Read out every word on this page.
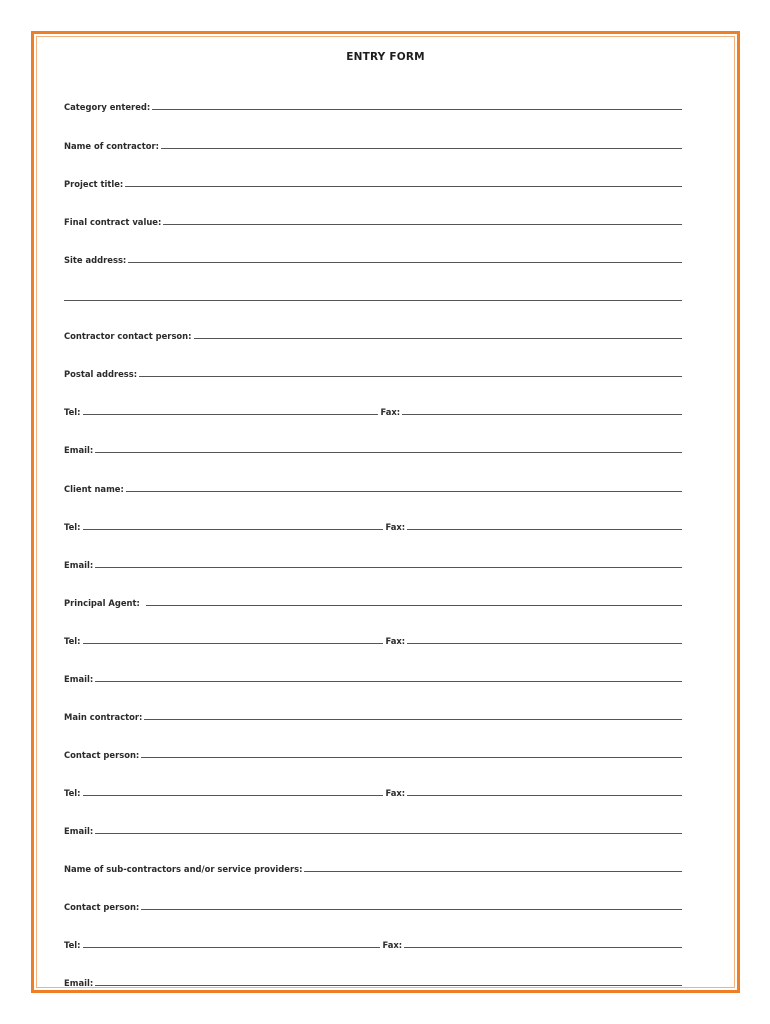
ENTRY FORM
Category entered:
Name of contractor:
Project title:
Final contract value:
Site address:
Contractor contact person:
Postal address:
Tel:	Fax:
Email:
Client name:
Tel:	Fax:
Email:
Principal Agent:
Tel:	Fax:
Email:
Main contractor:
Contact person:
Tel:	Fax:
Email:
Name of sub-contractors and/or service providers:
Contact person:
Tel:	Fax:
Email:
